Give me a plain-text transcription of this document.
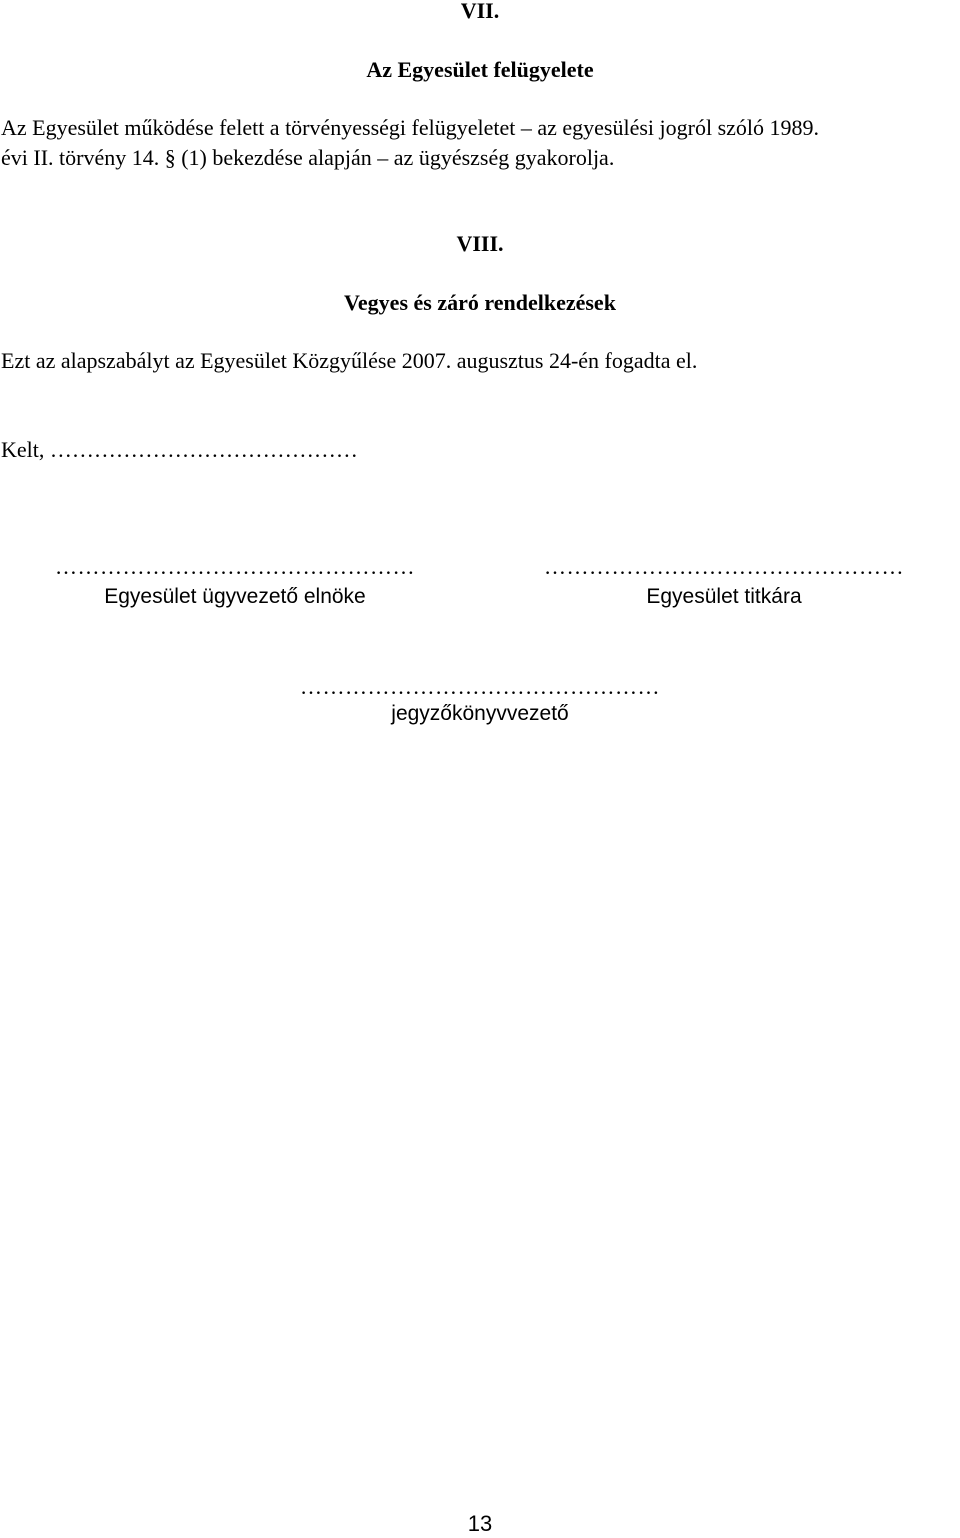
VII.
Az Egyesület felügyelete
Az Egyesület működése felett a törvényességi felügyeletet – az egyesülési jogról szóló 1989.
évi II. törvény 14. § (1) bekezdése alapján – az ügyészség gyakorolja.
VIII.
Vegyes és záró rendelkezések
Ezt az alapszabályt az Egyesület Közgyűlése 2007. augusztus 24-én fogadta el.
Kelt, ……………………………………
…………………………………………
Egyesület ügyvezető elnöke
…………………………………………
Egyesület titkára
…………………………………………
jegyzőkönyvvezető
13
